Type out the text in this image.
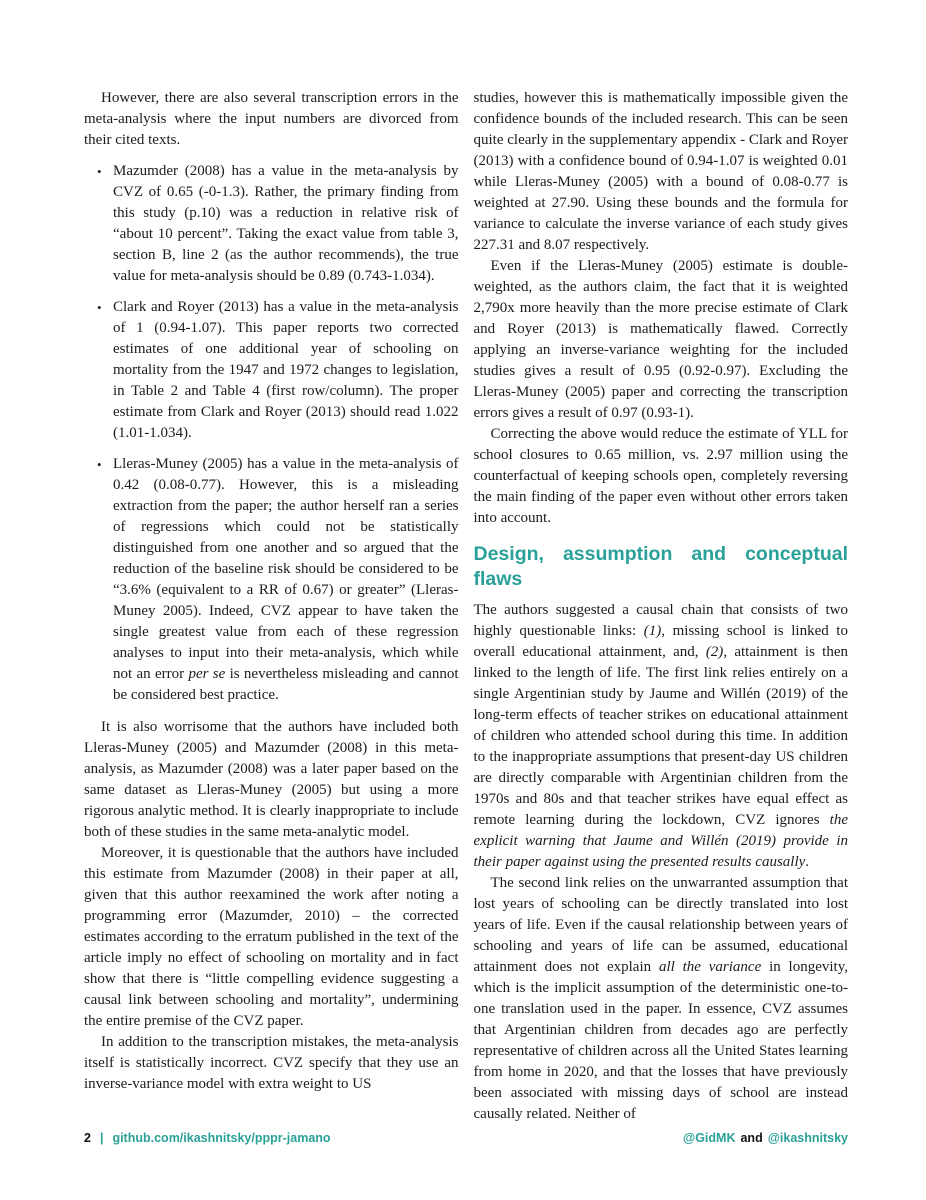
However, there are also several transcription errors in the meta-analysis where the input numbers are divorced from their cited texts.

• Mazumder (2008) has a value in the meta-analysis by CVZ of 0.65 (-0-1.3). Rather, the primary finding from this study (p.10) was a reduction in relative risk of “about 10 percent”. Taking the exact value from table 3, section B, line 2 (as the author recommends), the true value for meta-analysis should be 0.89 (0.743-1.034).
• Clark and Royer (2013) has a value in the meta-analysis of 1 (0.94-1.07). This paper reports two corrected estimates of one additional year of schooling on mortality from the 1947 and 1972 changes to legislation, in Table 2 and Table 4 (first row/column). The proper estimate from Clark and Royer (2013) should read 1.022 (1.01-1.034).
• Lleras-Muney (2005) has a value in the meta-analysis of 0.42 (0.08-0.77). However, this is a misleading extraction from the paper; the author herself ran a series of regressions which could not be statistically distinguished from one another and so argued that the reduction of the baseline risk should be considered to be “3.6% (equivalent to a RR of 0.67) or greater” (Lleras-Muney 2005). Indeed, CVZ appear to have taken the single greatest value from each of these regression analyses to input into their meta-analysis, which while not an error per se is nevertheless misleading and cannot be considered best practice.

It is also worrisome that the authors have included both Lleras-Muney (2005) and Mazumder (2008) in this meta-analysis, as Mazumder (2008) was a later paper based on the same dataset as Lleras-Muney (2005) but using a more rigorous analytic method. It is clearly inappropriate to include both of these studies in the same meta-analytic model.

Moreover, it is questionable that the authors have included this estimate from Mazumder (2008) in their paper at all, given that this author reexamined the work after noting a programming error (Mazumder, 2010) – the corrected estimates according to the erratum published in the text of the article imply no effect of schooling on mortality and in fact show that there is “little compelling evidence suggesting a causal link between schooling and mortality”, undermining the entire premise of the CVZ paper.

In addition to the transcription mistakes, the meta-analysis itself is statistically incorrect. CVZ specify that they use an inverse-variance model with extra weight to US

studies, however this is mathematically impossible given the confidence bounds of the included research. This can be seen quite clearly in the supplementary appendix - Clark and Royer (2013) with a confidence bound of 0.94-1.07 is weighted 0.01 while Lleras-Muney (2005) with a bound of 0.08-0.77 is weighted at 27.90. Using these bounds and the formula for variance to calculate the inverse variance of each study gives 227.31 and 8.07 respectively.

Even if the Lleras-Muney (2005) estimate is double-weighted, as the authors claim, the fact that it is weighted 2,790x more heavily than the more precise estimate of Clark and Royer (2013) is mathematically flawed. Correctly applying an inverse-variance weighting for the included studies gives a result of 0.95 (0.92-0.97). Excluding the Lleras-Muney (2005) paper and correcting the transcription errors gives a result of 0.97 (0.93-1).

Correcting the above would reduce the estimate of YLL for school closures to 0.65 million, vs. 2.97 million using the counterfactual of keeping schools open, completely reversing the main finding of the paper even without other errors taken into account.

Design, assumption and conceptual flaws

The authors suggested a causal chain that consists of two highly questionable links: (1), missing school is linked to overall educational attainment, and, (2), attainment is then linked to the length of life. The first link relies entirely on a single Argentinian study by Jaume and Willén (2019) of the long-term effects of teacher strikes on educational attainment of children who attended school during this time. In addition to the inappropriate assumptions that present-day US children are directly comparable with Argentinian children from the 1970s and 80s and that teacher strikes have equal effect as remote learning during the lockdown, CVZ ignores the explicit warning that Jaume and Willén (2019) provide in their paper against using the presented results causally.

The second link relies on the unwarranted assumption that lost years of schooling can be directly translated into lost years of life. Even if the causal relationship between years of schooling and years of life can be assumed, educational attainment does not explain all the variance in longevity, which is the implicit assumption of the deterministic one-to-one translation used in the paper. In essence, CVZ assumes that Argentinian children from decades ago are perfectly representative of children across all the United States learning from home in 2020, and that the losses that have previously been associated with missing days of school are instead causally related. Neither of

2 | github.com/ikashnitsky/pppr-jamano	@GidMK and @ikashnitsky
